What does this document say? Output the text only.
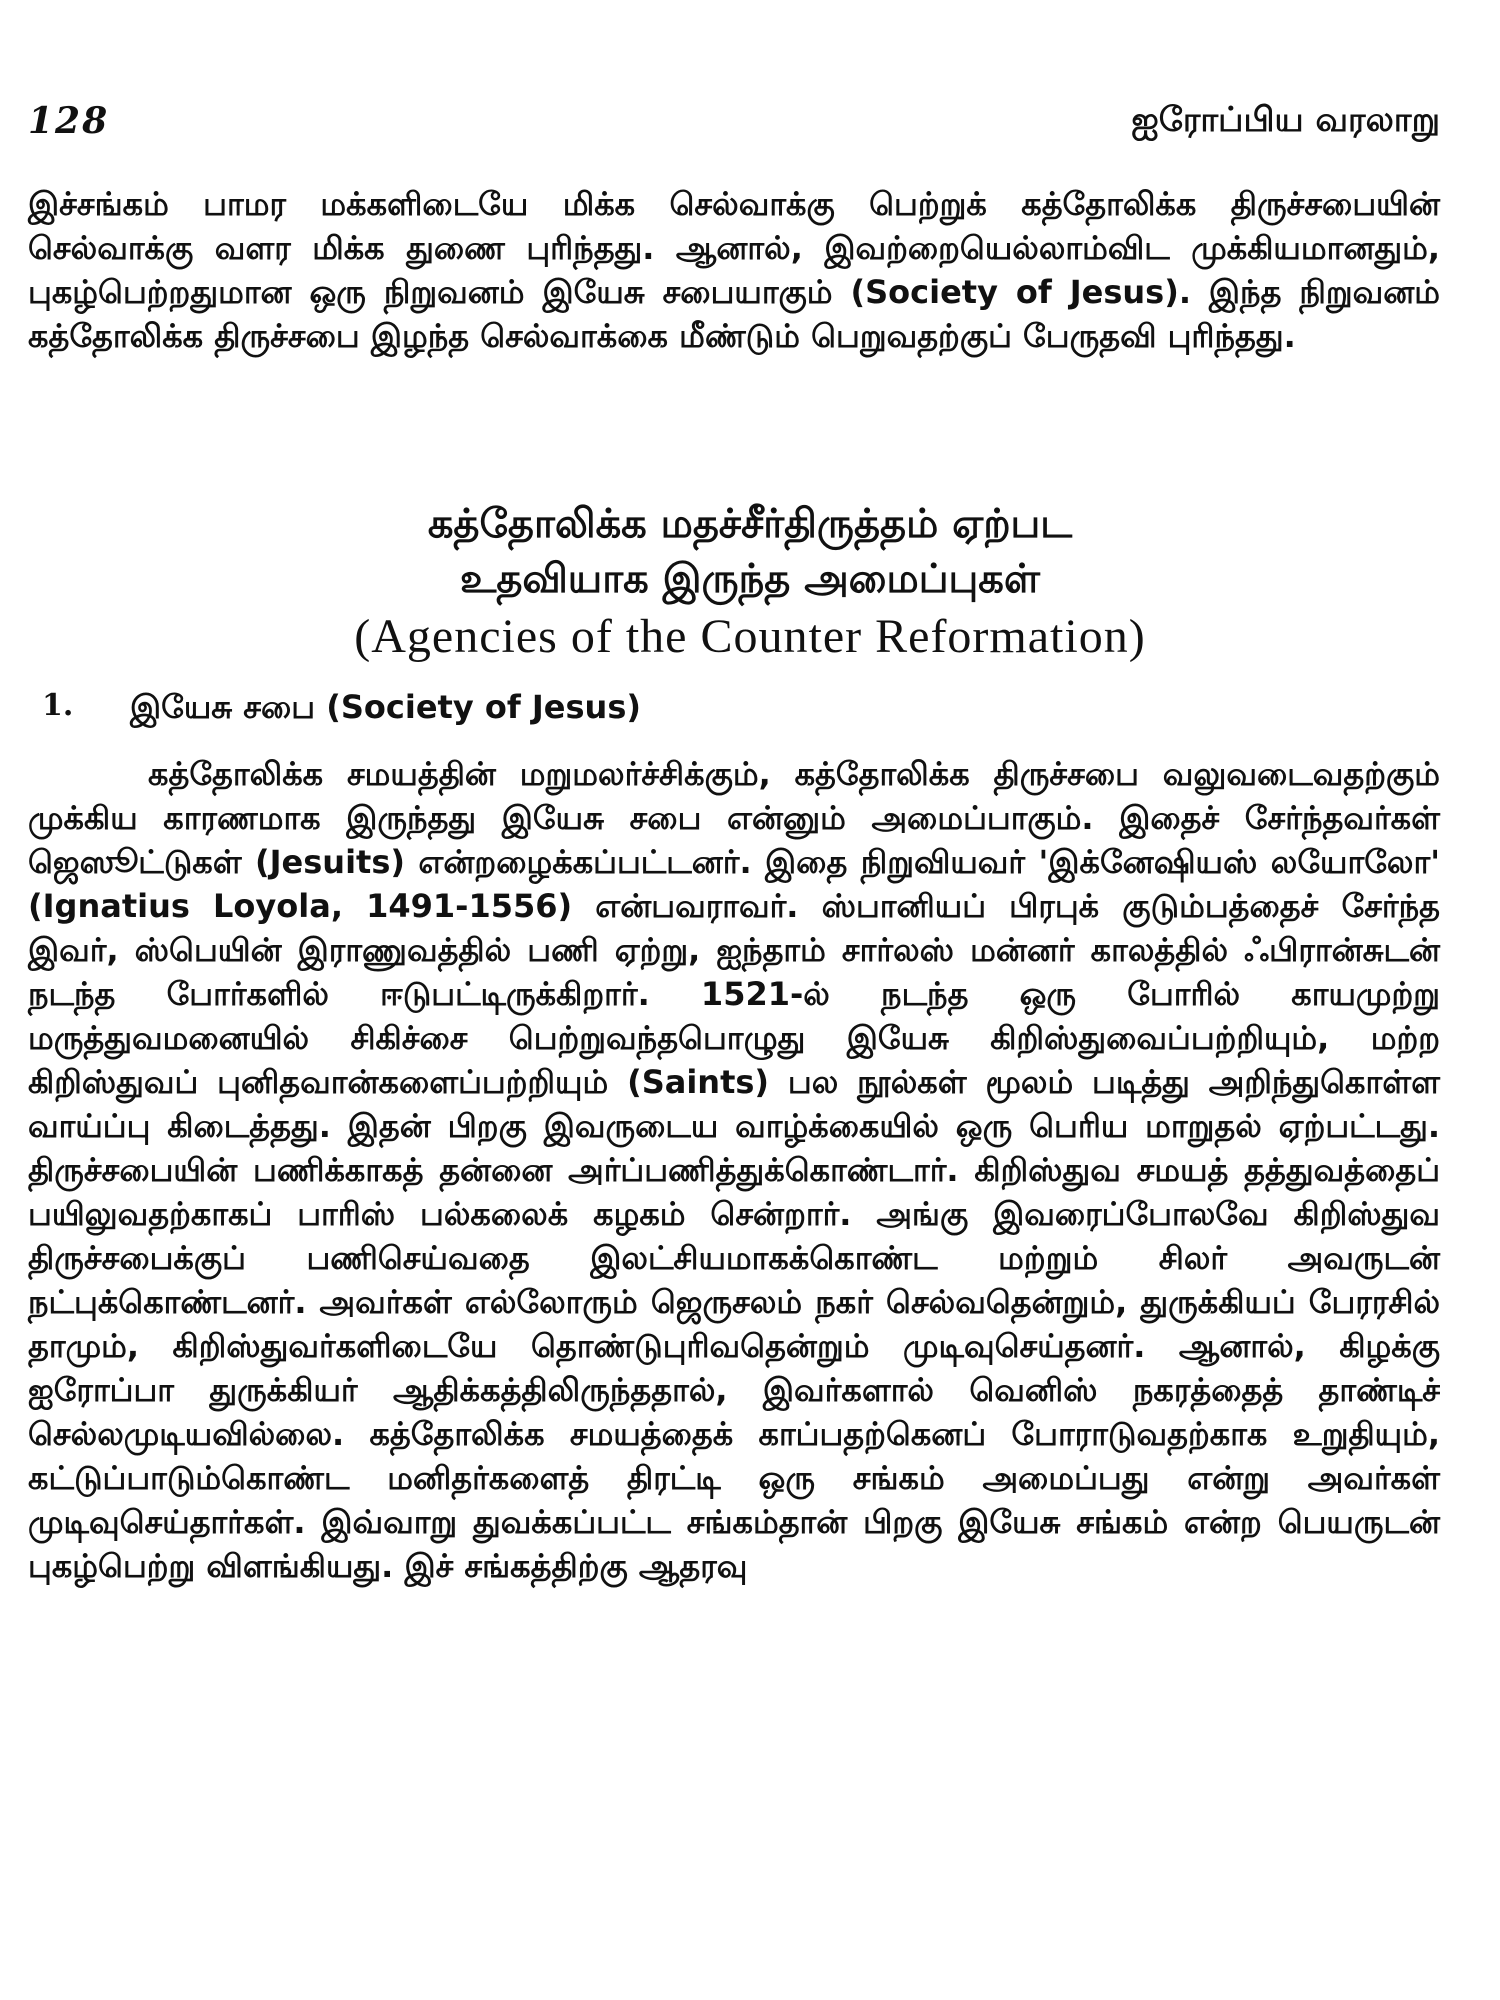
128	ஐரோப்பிய வரலாறு

இச்சங்கம் பாமர மக்களிடையே மிக்க செல்வாக்கு பெற்றுக் கத்தோலிக்க திருச்சபையின் செல்வாக்கு வளர மிக்க துணை புரிந்தது. ஆனால், இவற்றையெல்லாம்விட முக்கியமானதும், புகழ்பெற்றதுமான ஒரு நிறுவனம் இயேசு சபையாகும் (Society of Jesus). இந்த நிறுவனம் கத்தோலிக்க திருச்சபை இழந்த செல்வாக்கை மீண்டும் பெறுவதற்குப் பேருதவி புரிந்தது.

கத்தோலிக்க மதச்சீர்திருத்தம் ஏற்பட
உதவியாக இருந்த அமைப்புகள்
(Agencies of the Counter Reformation)
1. இயேசு சபை (Society of Jesus)

கத்தோலிக்க சமயத்தின் மறுமலர்ச்சிக்கும், கத்தோலிக்க திருச்சபை வலுவடைவதற்கும் முக்கிய காரணமாக இருந்தது இயேசு சபை என்னும் அமைப்பாகும். இதைச் சேர்ந்தவர்கள் ஜெஸூட்டுகள் (Jesuits) என்றழைக்கப்பட்டனர். இதை நிறுவியவர் 'இக்னேஷியஸ் லயோலோ' (Ignatius Loyola, 1491-1556) என்பவராவர். ஸ்பானியப் பிரபுக் குடும்பத்தைச் சேர்ந்த இவர், ஸ்பெயின் இராணுவத்தில் பணி ஏற்று, ஐந்தாம் சார்லஸ் மன்னர் காலத்தில் ஃபிரான்சுடன் நடந்த போர்களில் ஈடுபட்டிருக்கிறார். 1521-ல் நடந்த ஒரு போரில் காயமுற்று மருத்துவமனையில் சிகிச்சை பெற்றுவந்தபொழுது இயேசு கிறிஸ்துவைப்பற்றியும், மற்ற கிறிஸ்துவப் புனிதவான்களைப்பற்றியும் (Saints) பல நூல்கள் மூலம் படித்து அறிந்துகொள்ள வாய்ப்பு கிடைத்தது. இதன் பிறகு இவருடைய வாழ்க்கையில் ஒரு பெரிய மாறுதல் ஏற்பட்டது. திருச்சபையின் பணிக்காகத் தன்னை அர்ப்பணித்துக்கொண்டார். கிறிஸ்துவ சமயத் தத்துவத்தைப் பயிலுவதற்காகப் பாரிஸ் பல்கலைக் கழகம் சென்றார். அங்கு இவரைப்போலவே கிறிஸ்துவ திருச்சபைக்குப் பணிசெய்வதை இலட்சியமாகக்கொண்ட மற்றும் சிலர் அவருடன் நட்புக்கொண்டனர். அவர்கள் எல்லோரும் ஜெருசலம் நகர் செல்வதென்றும், துருக்கியப் பேரரசில் தாமும், கிறிஸ்துவர்களிடையே தொண்டுபுரிவதென்றும் முடிவுசெய்தனர். ஆனால், கிழக்கு ஐரோப்பா துருக்கியர் ஆதிக்கத்திலிருந்ததால், இவர்களால் வெனிஸ் நகரத்தைத் தாண்டிச் செல்லமுடியவில்லை. கத்தோலிக்க சமயத்தைக் காப்பதற்கெனப் போராடுவதற்காக உறுதியும், கட்டுப்பாடும்கொண்ட மனிதர்களைத் திரட்டி ஒரு சங்கம் அமைப்பது என்று அவர்கள் முடிவுசெய்தார்கள். இவ்வாறு துவக்கப்பட்ட சங்கம்தான் பிறகு இயேசு சங்கம் என்ற பெயருடன் புகழ்பெற்று விளங்கியது. இச் சங்கத்திற்கு ஆதரவு
